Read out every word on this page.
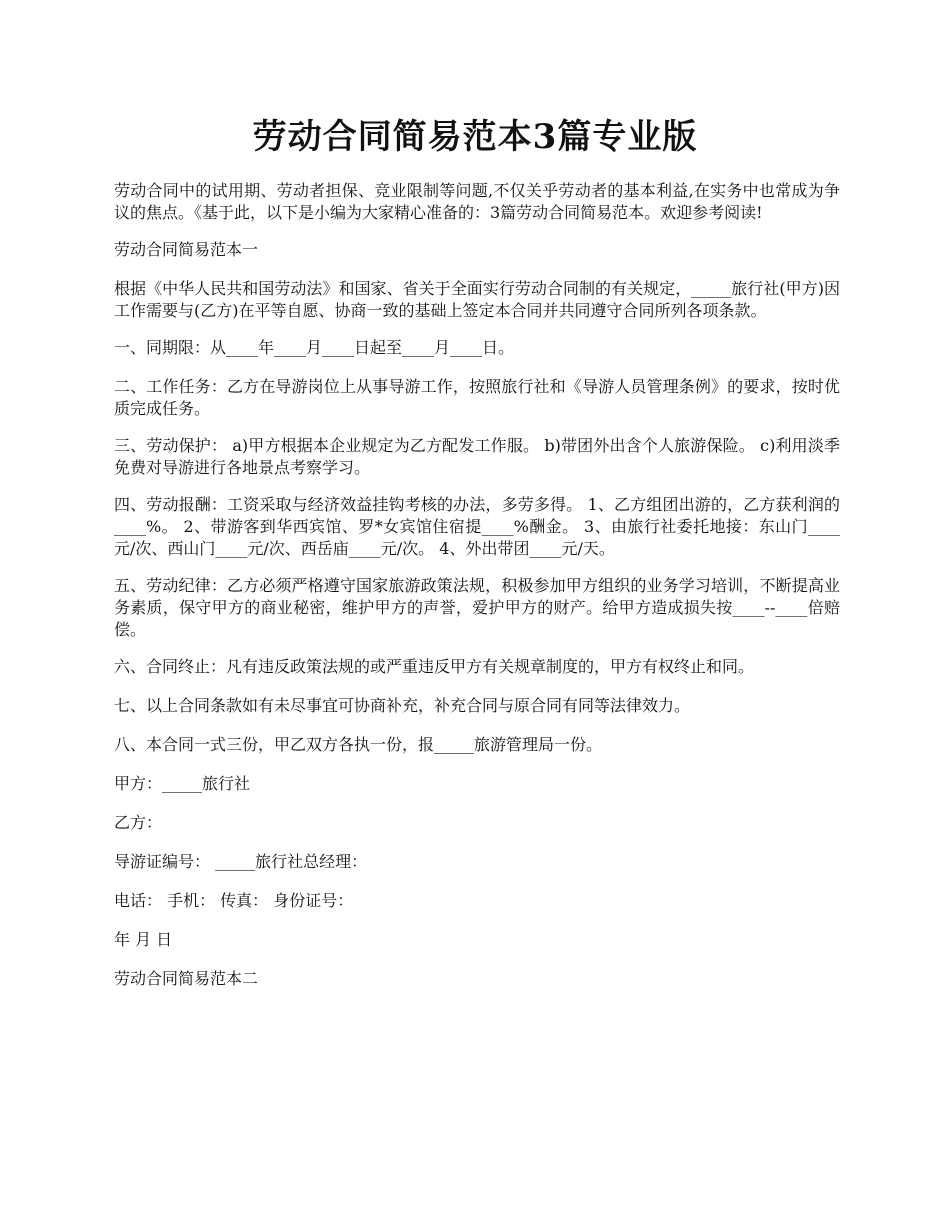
劳动合同简易范本3篇专业版

劳动合同中的试用期、劳动者担保、竞业限制等问题,不仅关乎劳动者的基本利益,在实务中也常成为争议的焦点。《基于此，以下是小编为大家精心准备的：3篇劳动合同简易范本。欢迎参考阅读!

劳动合同简易范本一

根据《中华人民共和国劳动法》和国家、省关于全面实行劳动合同制的有关规定，_____旅行社(甲方)因工作需要与(乙方)在平等自愿、协商一致的基础上签定本合同并共同遵守合同所列各项条款。

一、同期限：从____年____月____日起至____月____日。

二、工作任务：乙方在导游岗位上从事导游工作，按照旅行社和《导游人员管理条例》的要求，按时优质完成任务。

三、劳动保护： a)甲方根据本企业规定为乙方配发工作服。 b)带团外出含个人旅游保险。 c)利用淡季免费对导游进行各地景点考察学习。

四、劳动报酬：工资采取与经济效益挂钩考核的办法，多劳多得。 1、乙方组团出游的，乙方获利润的____%。 2、带游客到华西宾馆、罗*女宾馆住宿提____%酬金。 3、由旅行社委托地接：东山门____元/次、西山门____元/次、西岳庙____元/次。 4、外出带团____元/天。

五、劳动纪律：乙方必须严格遵守国家旅游政策法规，积极参加甲方组织的业务学习培训，不断提高业务素质，保守甲方的商业秘密，维护甲方的声誉，爱护甲方的财产。给甲方造成损失按____--____倍赔偿。

六、合同终止：凡有违反政策法规的或严重违反甲方有关规章制度的，甲方有权终止和同。

七、以上合同条款如有未尽事宜可协商补充，补充合同与原合同有同等法律效力。

八、本合同一式三份，甲乙双方各执一份，报_____旅游管理局一份。

甲方：_____旅行社

乙方：

导游证编号： _____旅行社总经理：

电话： 手机： 传真： 身份证号：

年 月 日

劳动合同简易范本二
